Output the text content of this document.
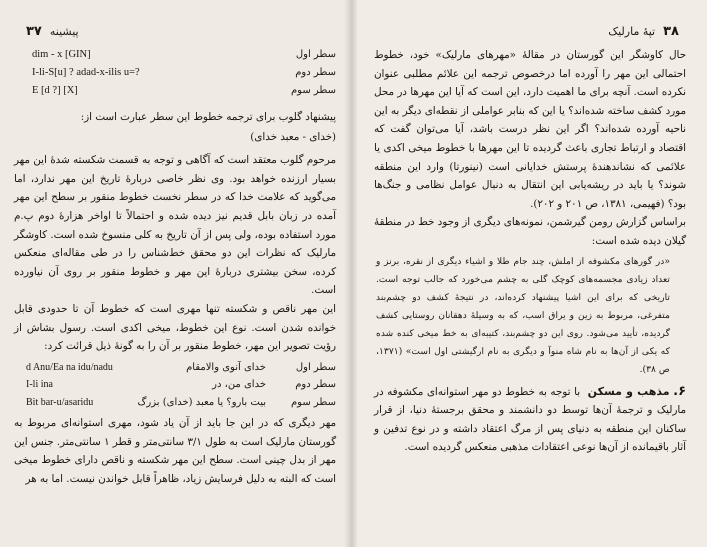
۳۷ پیشینه
dim - x [GIN]	سطر اول
I-li-S[u] ? adad-x-ilis u=?	سطر دوم
E [d ?] [X]	سطر سوم

پیشنهاد گلوب برای ترجمه خطوط این سطر عبارت است از:

(خدای - معبد خدای)

مرحوم گلوب معتقد است که آگاهی و توجه به قسمت شکسته شدهٔ این مهر بسیار ارزنده خواهد بود. وی نظر خاصی دربارهٔ تاریخ این مهر ندارد، اما می‌گوید که علامت خدا که در سطر نخست خطوط منقور بر سطح این مهر آمده در زبان بابل قدیم نیز دیده شده و احتمالاً تا اواخر هزارهٔ دوم پ.م مورد استفاده بوده، ولی پس از آن تاریخ به کلی منسوخ شده است. کاوشگر مارلیک که نظرات این دو محقق خط‌شناس را در طی مقاله‌ای منعکس کرده، سخن بیشتری دربارهٔ این مهر و خطوط منقور بر روی آن نیاورده است.

این مهر ناقص و شکسته تنها مهری است که خطوط آن تا حدودی قابل خوانده شدن است. نوع این خطوط، میخی اکدی است. رسول بشاش از رؤیت تصویر این مهر، خطوط منقور بر آن را به گونهٔ ذیل قرائت کرد:

d Anu/Ea na idu/nadu	خدای آنوی والامقام	سطر اول
I-li ina	خدای من، در	سطر دوم
Bit bar-u/asaridu	بیت بارو؟ یا معبد (خدای) بزرگ	سطر سوم

مهر دیگری که در این جا باید از آن یاد شود، مهری استوانه‌ای مربوط به گورستان مارلیک است به طول ۳/۱ سانتی‌متر و قطر ۱ سانتی‌متر. جنس این مهر از بدل چینی است. سطح این مهر شکسته و ناقص دارای خطوط میخی است که البته به دلیل فرسایش زیاد، ظاهراً قابل خواندن نیست. اما به هر

۳۸
تپهٔ مارلیک

حال کاوشگر این گورستان در مقالهٔ «مهرهای مارلیک» خود، خطوط احتمالی این مهر را آورده اما درخصوص ترجمه این علائم مطلبی عنوان نکرده است. آنچه برای ما اهمیت دارد، این است که آیا این مهرها در محل مورد کشف ساخته شده‌اند؟ یا این که بنابر عواملی از نقطه‌ای دیگر به این ناحیه آورده شده‌اند؟ اگر این نظر درست باشد، آیا می‌توان گفت که اقتصاد و ارتباط تجاری باعث گردیده تا این مهرها با خطوط میخی اکدی یا علائمی که نشاندهندهٔ پرستش خدایانی است (نینورتا) وارد این منطقه شوند؟ یا باید در ریشه‌یابی این انتقال به دنبال عوامل نظامی و جنگ‌ها بود؟ (فهیمی، ۱۳۸۱، ص ۲۰۱ و ۲۰۲).

براساس گزارش رومن گیرشمن، نمونه‌های دیگری از وجود خط در منطقهٔ گیلان دیده شده است:

«در گورهای مکشوفه از املش، چند جام طلا و اشیاء دیگری از نقره، برنز و تعداد زیادی مجسمه‌های کوچک گلی به چشم می‌خورد که جالب توجه است. تاریخی که برای این اشیا پیشنهاد کرده‌اند، در نتیجهٔ کشف دو چشم‌بند متفرغی، مربوط به زین و یراق اسب، که به وسیلهٔ دهقانان روستایی کشف گردیده، تأیید می‌شود. روی این دو چشم‌بند، کتیبه‌ای به خط میخی کنده شده که یکی از آن‌ها به نام شاه منوآ و دیگری به نام ارگیشتی اول است» (۱۳۷۱، ص ۳۸).

۶. مذهب و مسکن با توجه به خطوط دو مهر استوانه‌ای مکشوفه در مارلیک و ترجمهٔ آن‌ها توسط دو دانشمند و محقق برجستهٔ دنیا، از قرار ساکنان این منطقه به دنیای پس از مرگ اعتقاد داشته و در نوع تدفین و آثار باقیمانده از آن‌ها نوعی اعتقادات مذهبی منعکس گردیده است.
